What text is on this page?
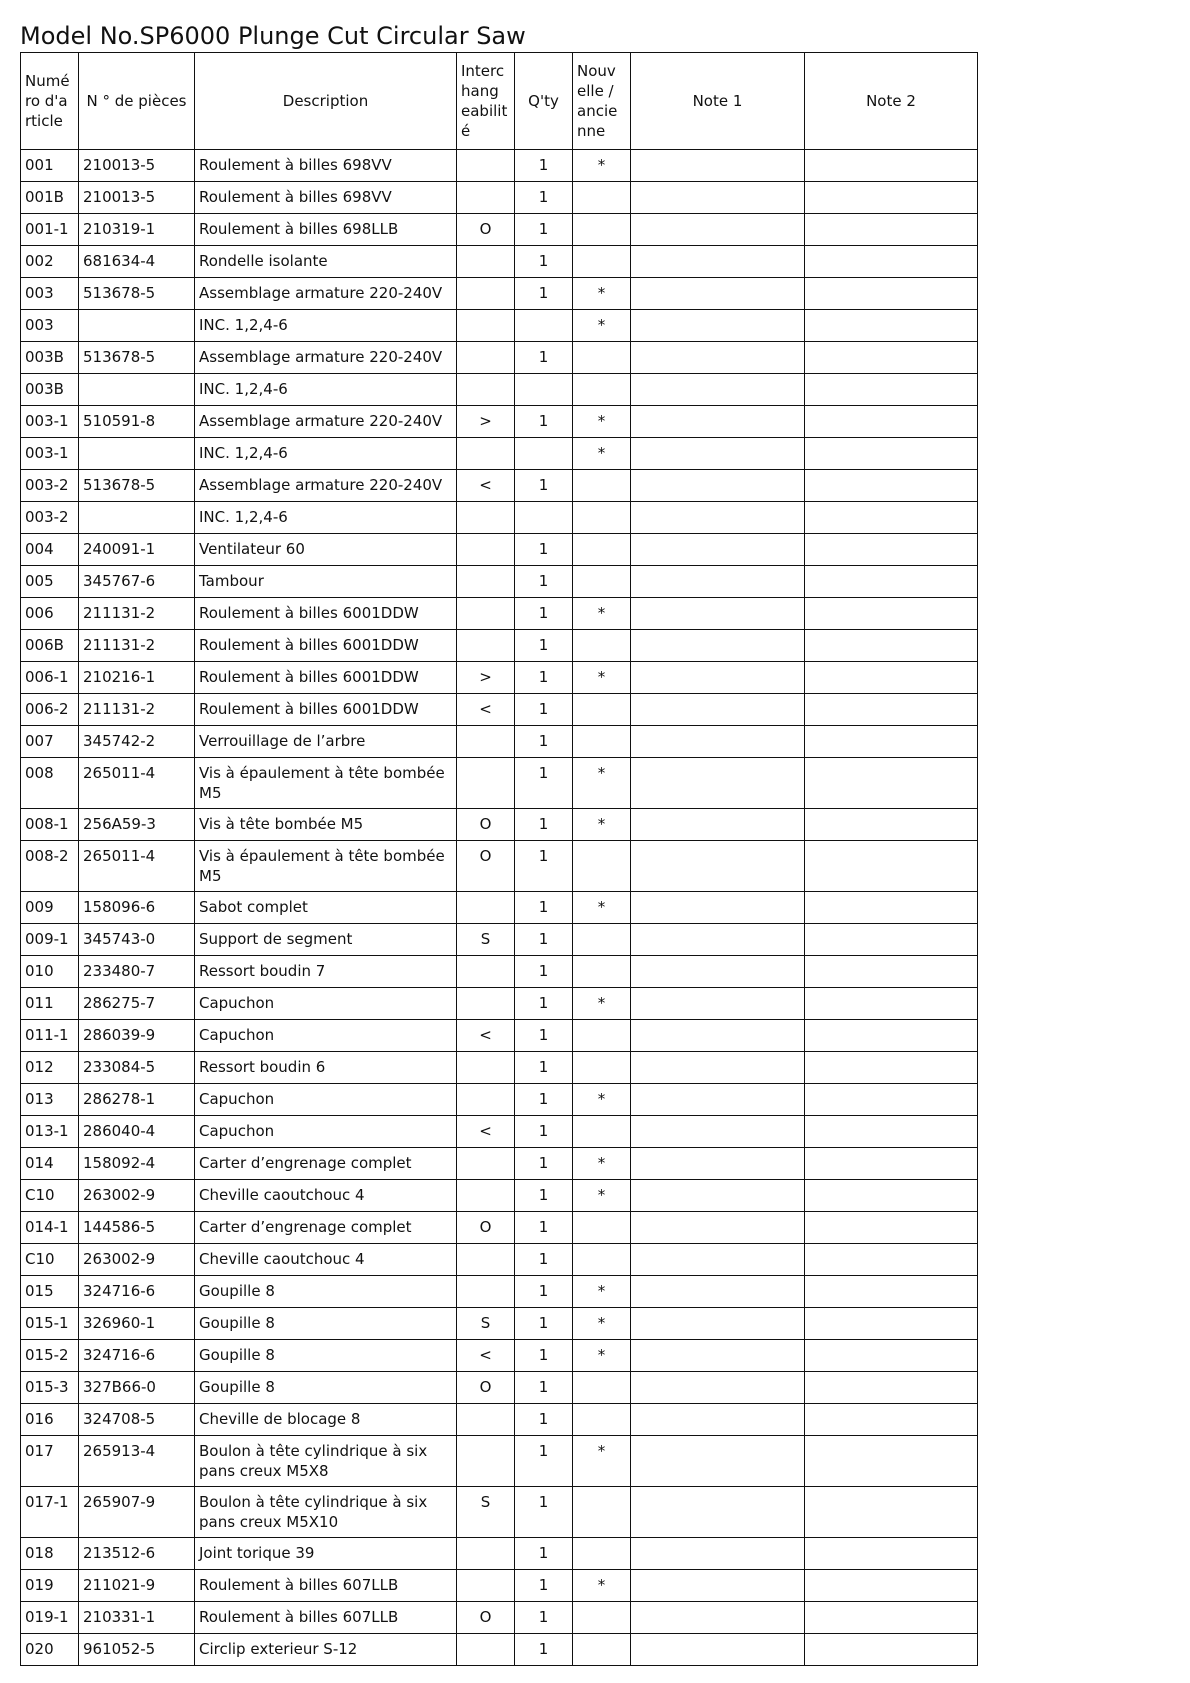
Model No.SP6000 Plunge Cut Circular Saw
Numé ro d'a rticle	N ° de pièces	Description	Interc hang eabilit é	Q'ty	Nouv elle / ancie nne	Note 1	Note 2
001	210013-5	Roulement à billes 698VV		1	*		
001B	210013-5	Roulement à billes 698VV		1			
001-1	210319-1	Roulement à billes 698LLB	O	1			
002	681634-4	Rondelle isolante		1			
003	513678-5	Assemblage armature 220-240V		1	*		
003		INC. 1,2,4-6			*		
003B	513678-5	Assemblage armature 220-240V		1			
003B		INC. 1,2,4-6					
003-1	510591-8	Assemblage armature 220-240V	>	1	*		
003-1		INC. 1,2,4-6			*		
003-2	513678-5	Assemblage armature 220-240V	<	1			
003-2		INC. 1,2,4-6					
004	240091-1	Ventilateur 60		1			
005	345767-6	Tambour		1			
006	211131-2	Roulement à billes 6001DDW		1	*		
006B	211131-2	Roulement à billes 6001DDW		1			
006-1	210216-1	Roulement à billes 6001DDW	>	1	*		
006-2	211131-2	Roulement à billes 6001DDW	<	1			
007	345742-2	Verrouillage de l’arbre		1			
008	265011-4	Vis à épaulement à tête bombée M5		1	*		
008-1	256A59-3	Vis à tête bombée M5	O	1	*		
008-2	265011-4	Vis à épaulement à tête bombée M5	O	1			
009	158096-6	Sabot complet		1	*		
009-1	345743-0	Support de segment	S	1			
010	233480-7	Ressort boudin 7		1			
011	286275-7	Capuchon		1	*		
011-1	286039-9	Capuchon	<	1			
012	233084-5	Ressort boudin 6		1			
013	286278-1	Capuchon		1	*		
013-1	286040-4	Capuchon	<	1			
014	158092-4	Carter d’engrenage complet		1	*		
C10	263002-9	Cheville caoutchouc 4		1	*		
014-1	144586-5	Carter d’engrenage complet	O	1			
C10	263002-9	Cheville caoutchouc 4		1			
015	324716-6	Goupille 8		1	*		
015-1	326960-1	Goupille 8	S	1	*		
015-2	324716-6	Goupille 8	<	1	*		
015-3	327B66-0	Goupille 8	O	1			
016	324708-5	Cheville de blocage 8		1			
017	265913-4	Boulon à tête cylindrique à six pans creux M5X8		1	*		
017-1	265907-9	Boulon à tête cylindrique à six pans creux M5X10	S	1			
018	213512-6	Joint torique 39		1			
019	211021-9	Roulement à billes 607LLB		1	*		
019-1	210331-1	Roulement à billes 607LLB	O	1			
020	961052-5	Circlip exterieur S-12		1			
